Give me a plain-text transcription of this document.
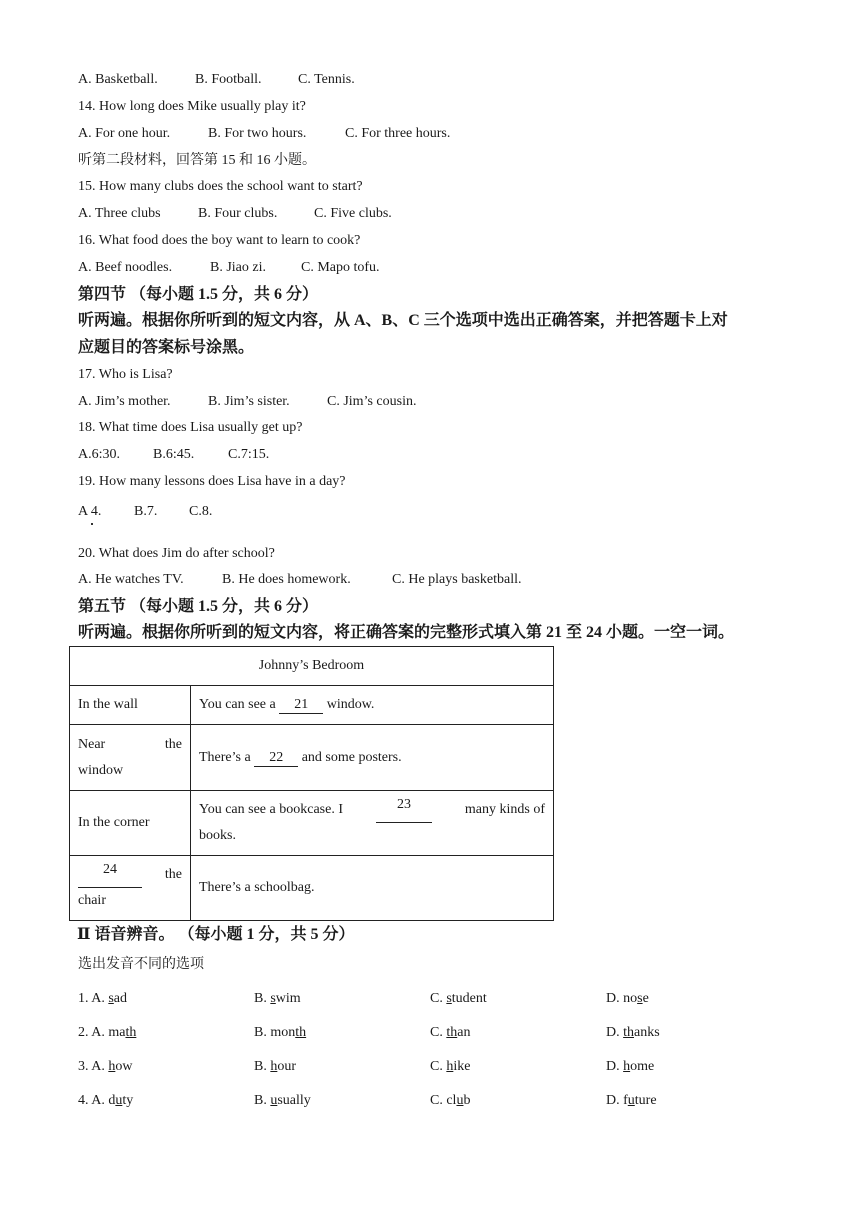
A. Basketball.	B. Football.	C. Tennis.
14. How long does Mike usually play it?
A. For one hour.	B. For two hours.	C. For three hours.
听第二段材料，回答第 15 和 16 小题。
15. How many clubs does the school want to start?
A. Three clubs	B. Four clubs.	C. Five clubs.
16. What food does the boy want to learn to cook?
A. Beef noodles.	B. Jiao zi.	C. Mapo tofu.
第四节 （每小题 1.5 分，共 6 分）
听两遍。根据你所听到的短文内容，从 A、B、C 三个选项中选出正确答案，并把答题卡上对
应题目的答案标号涂黑。
17. Who is Lisa?
A. Jim’s mother.	B. Jim’s sister.	C. Jim’s cousin.
18. What time does Lisa usually get up?
A.6:30. B.6:45. C.7:15.
19. How many lessons does Lisa have in a day?
A 4. B.7. C.8.
20. What does Jim do after school?
A. He watches TV.	B. He does homework.	C. He plays basketball.
第五节 （每小题 1.5 分，共 6 分）
听两遍。根据你所听到的短文内容，将正确答案的完整形式填入第 21 至 24 小题。一空一词。
Johnny’s Bedroom	
In the wall	You can see a 21 window.

Near the
window	There’s a 22 and some posters.
In the corner	You can see a bookcase. I 23 many kinds of
books.

24 the
chair	There’s a schoolbag.
Ⅱ 语音辨音。 （每小题 1 分，共 5 分）
选出发音不同的选项
1. A. sad	B. swim	C. student	D. nose
2. A. math	B. month	C. than	D. thanks
3. A. how	B. hour	C. hike	D. home
4. A. duty	B. usually	C. club	D. future
